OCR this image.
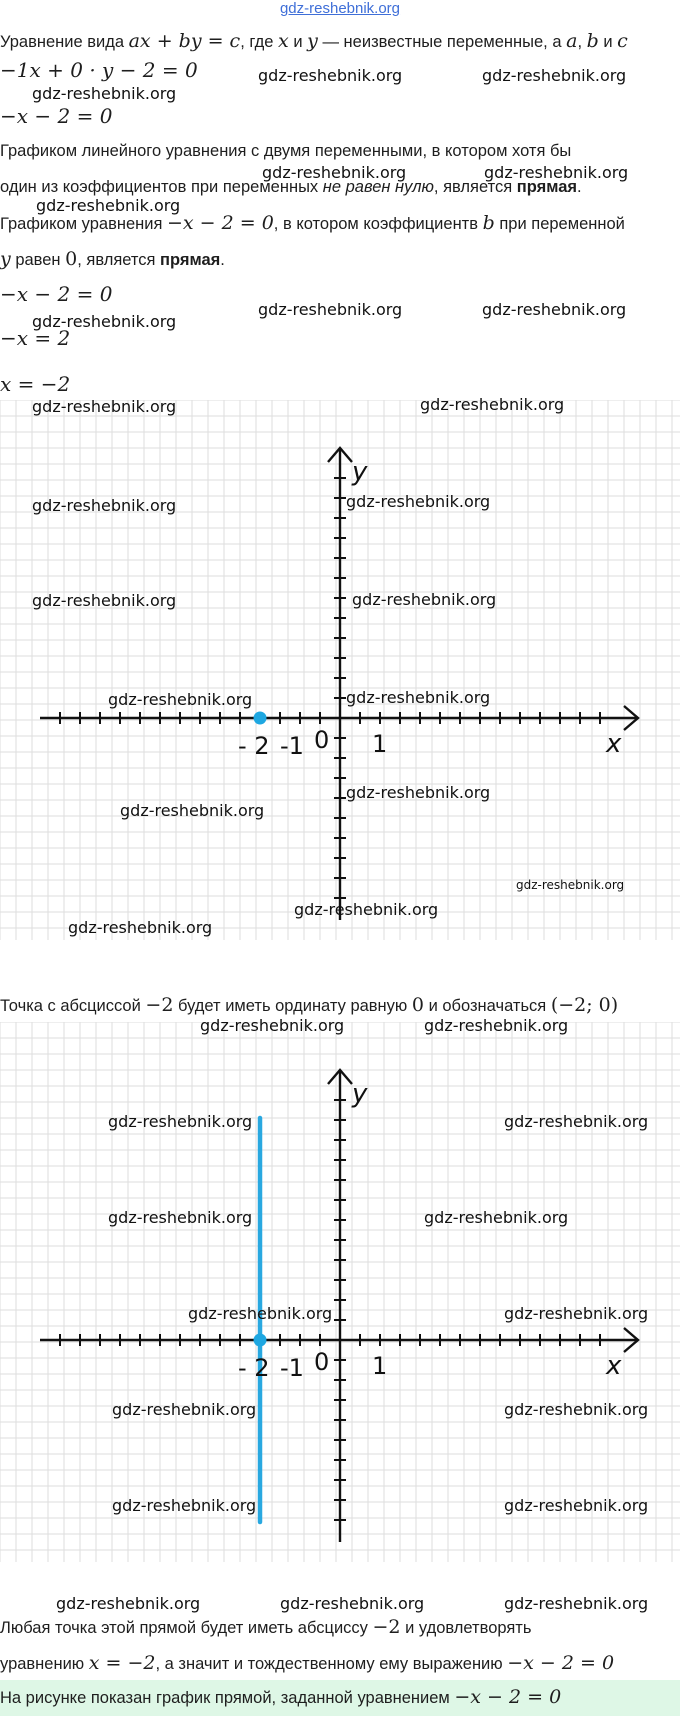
gdz-reshebnik.org
Уравнение вида ax + by = c, где x и y — неизвестные переменные, а a, b и c
−1x + 0 · y − 2 = 0
−x − 2 = 0
Графиком линейного уравнения с двумя переменными, в котором хотя бы
один из коэффициентов при переменных не равен нулю, является прямая.
Графиком уравнения −x − 2 = 0, в котором коэффициентв b при переменной
y равен 0, является прямая.
−x − 2 = 0
−x = 2
x = −2
y
x
0
- 2 -1	1
Точка с абсциссой −2 будет иметь ординату равную 0 и обозначаться (−2; 0)
y
x
0
- 2 -1	1
Любая точка этой прямой будет иметь абсциссу −2 и удовлетворять
уравнению x = −2, а значит и тождественному ему выражению −x − 2 = 0
На рисунке показан график прямой, заданной уравнением −x − 2 = 0
gdz-reshebnik.org	gdz-reshebnik.org
gdz-reshebnik.org
gdz-reshebnik.org	gdz-reshebnik.org
gdz-reshebnik.org
gdz-reshebnik.org	gdz-reshebnik.org
gdz-reshebnik.org
gdz-reshebnik.org	gdz-reshebnik.org
gdz-reshebnik.org	gdz-reshebnik.org
gdz-reshebnik.org	gdz-reshebnik.org
gdz-reshebnik.org	gdz-reshebnik.org
gdz-reshebnik.org
gdz-reshebnik.org
gdz-reshebnik.org
gdz-reshebnik.org
gdz-reshebnik.org	gdz-reshebnik.org
gdz-reshebnik.org	gdz-reshebnik.org
gdz-reshebnik.org	gdz-reshebnik.org
gdz-reshebnik.org	gdz-reshebnik.org
gdz-reshebnik.org	gdz-reshebnik.org
gdz-reshebnik.org	gdz-reshebnik.org
gdz-reshebnik.org	gdz-reshebnik.org	gdz-reshebnik.org
gdz-reshebnik.org
